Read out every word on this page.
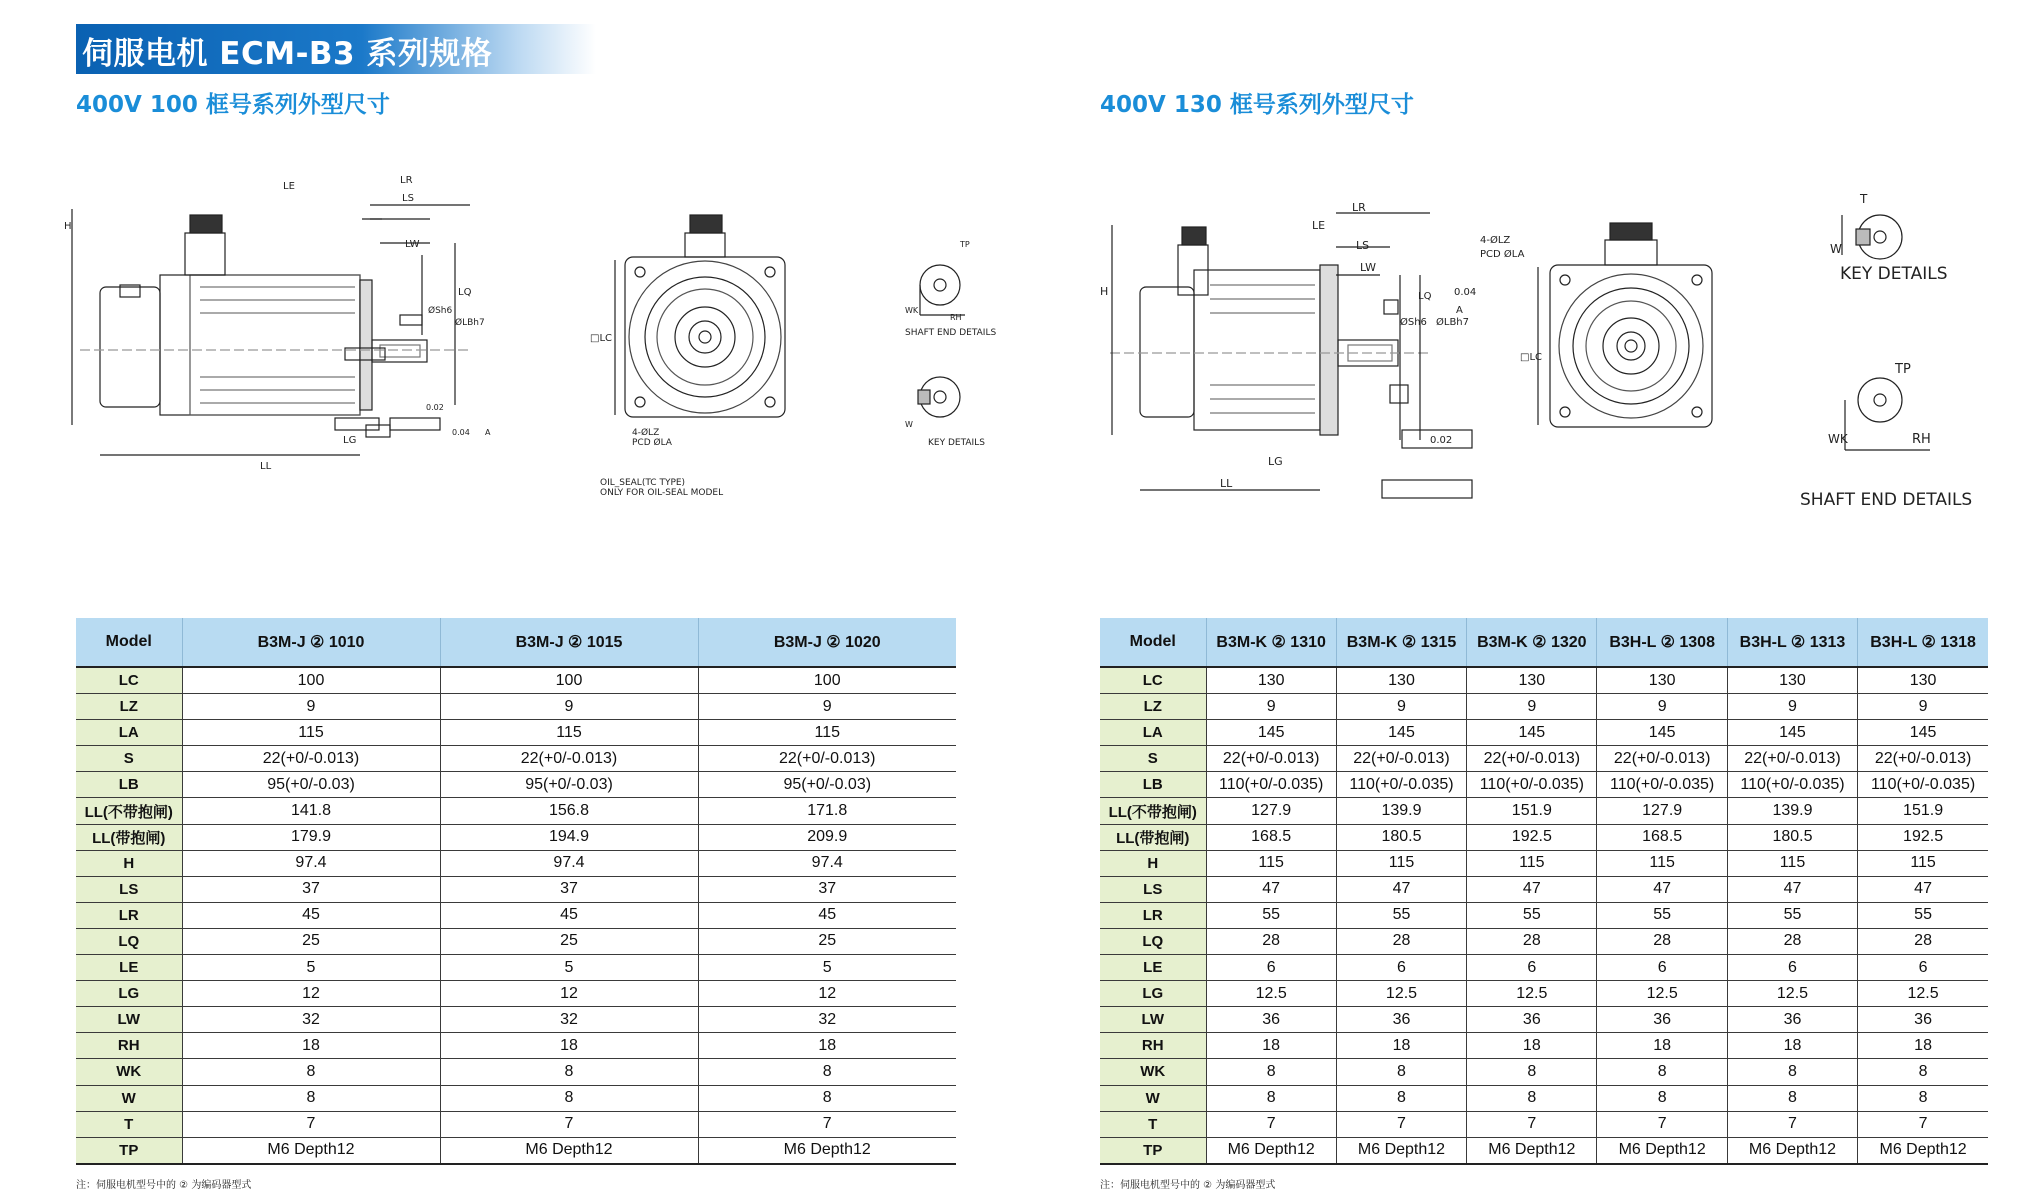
伺服电机 ECM-B3 系列规格
400V 100 框号系列外型尺寸	400V 130 框号系列外型尺寸
H
LE
LR
LS
LW
LQ
ØSh6
ØLBh7
0.02
0.04 A
LL
LG
□LC
4-ØLZ
PCD ØLA
OIL_SEAL(TC TYPE)
ONLY FOR OIL-SEAL MODEL
TP
RH
WK
SHAFT END DETAILS
W
KEY DETAILS
H
LE
LR
LS
LW
ØSh6
LQ
ØLBh7
0.04
A
0.02
LG
LL
4-ØLZ
PCD ØLA
□LC
T
W
KEY DETAILS
TP
RH
WK
SHAFT END DETAILS
Model	B3M-J ② 1010	B3M-J ② 1015	B3M-J ② 1020
LC	100	100	100
LZ	9	9	9
LA	115	115	115
S	22(+0/-0.013)	22(+0/-0.013)	22(+0/-0.013)
LB	95(+0/-0.03)	95(+0/-0.03)	95(+0/-0.03)
LL(不带抱闸)	141.8	156.8	171.8
LL(带抱闸)	179.9	194.9	209.9
H	97.4	97.4	97.4
LS	37	37	37
LR	45	45	45
LQ	25	25	25
LE	5	5	5
LG	12	12	12
LW	32	32	32
RH	18	18	18
WK	8	8	8
W	8	8	8
T	7	7	7
TP	M6 Depth12	M6 Depth12	M6 Depth12
Model	B3M-K ② 1310	B3M-K ② 1315	B3M-K ② 1320	B3H-L ② 1308	B3H-L ② 1313	B3H-L ② 1318
LC	130	130	130	130	130	130
LZ	9	9	9	9	9	9
LA	145	145	145	145	145	145
S	22(+0/-0.013)	22(+0/-0.013)	22(+0/-0.013)	22(+0/-0.013)	22(+0/-0.013)	22(+0/-0.013)
LB	110(+0/-0.035)	110(+0/-0.035)	110(+0/-0.035)	110(+0/-0.035)	110(+0/-0.035)	110(+0/-0.035)
LL(不带抱闸)	127.9	139.9	151.9	127.9	139.9	151.9
LL(带抱闸)	168.5	180.5	192.5	168.5	180.5	192.5
H	115	115	115	115	115	115
LS	47	47	47	47	47	47
LR	55	55	55	55	55	55
LQ	28	28	28	28	28	28
LE	6	6	6	6	6	6
LG	12.5	12.5	12.5	12.5	12.5	12.5
LW	36	36	36	36	36	36
RH	18	18	18	18	18	18
WK	8	8	8	8	8	8
W	8	8	8	8	8	8
T	7	7	7	7	7	7
TP	M6 Depth12	M6 Depth12	M6 Depth12	M6 Depth12	M6 Depth12	M6 Depth12
注：伺服电机型号中的 ② 为编码器型式	注：伺服电机型号中的 ② 为编码器型式
